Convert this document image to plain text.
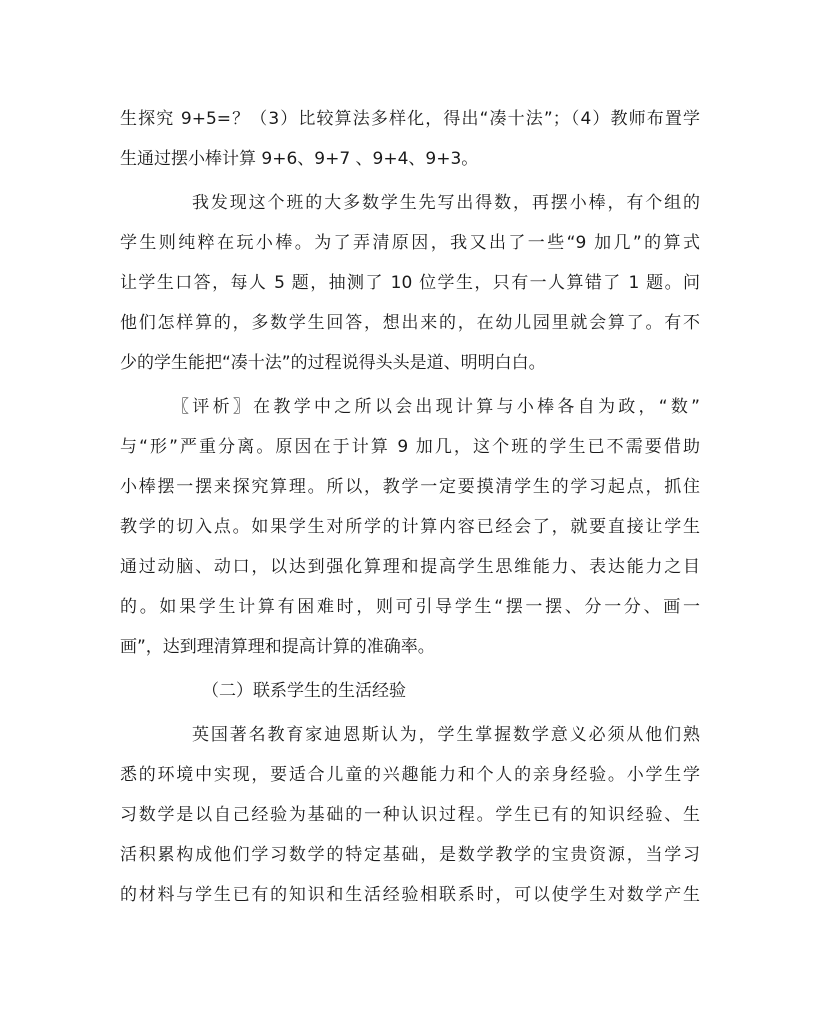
生探究 9+5=？（3）比较算法多样化，得出“凑十法”；（4）教师布置学
生通过摆小棒计算 9+6、9+7 、9+4、9+3。
我发现这个班的大多数学生先写出得数，再摆小棒，有个组的
学生则纯粹在玩小棒。为了弄清原因，我又出了一些“9 加几”的算式
让学生口答，每人 5 题，抽测了 10 位学生，只有一人算错了 1 题。问
他们怎样算的，多数学生回答，想出来的，在幼儿园里就会算了。有不
少的学生能把“凑十法”的过程说得头头是道、明明白白。
〖评析〗在教学中之所以会出现计算与小棒各自为政，“数”
与“形”严重分离。原因在于计算 9 加几，这个班的学生已不需要借助
小棒摆一摆来探究算理。所以，教学一定要摸清学生的学习起点，抓住
教学的切入点。如果学生对所学的计算内容已经会了，就要直接让学生
通过动脑、动口，以达到强化算理和提高学生思维能力、表达能力之目
的。如果学生计算有困难时，则可引导学生“摆一摆、分一分、画一
画”，达到理清算理和提高计算的准确率。
（二）联系学生的生活经验
英国著名教育家迪恩斯认为，学生掌握数学意义必须从他们熟
悉的环境中实现，要适合儿童的兴趣能力和个人的亲身经验。小学生学
习数学是以自己经验为基础的一种认识过程。学生已有的知识经验、生
活积累构成他们学习数学的特定基础，是数学教学的宝贵资源，当学习
的材料与学生已有的知识和生活经验相联系时，可以使学生对数学产生
